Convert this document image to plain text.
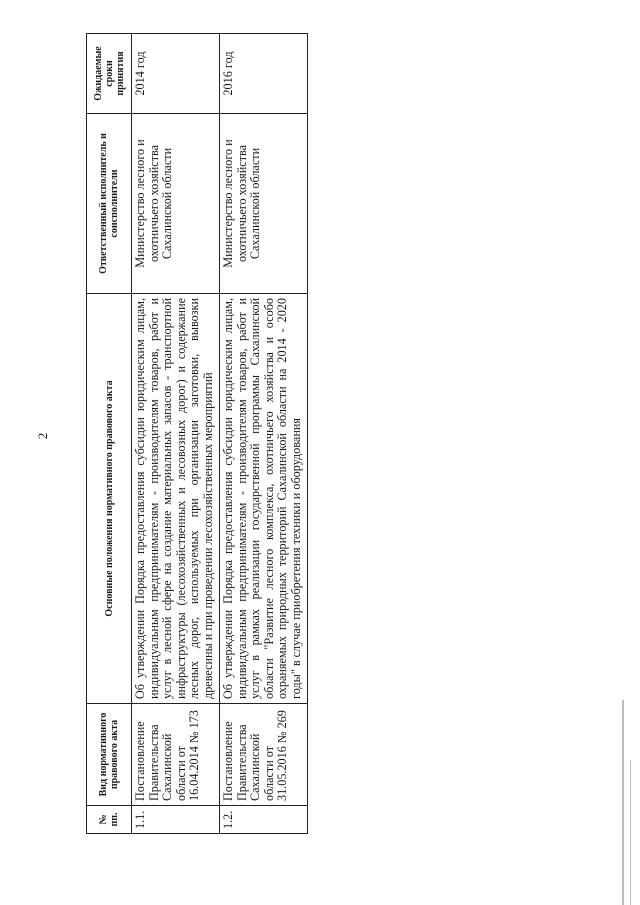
2
№ пп.	Вид нормативного правового акта	Основные положения нормативного правового акта	Ответственный исполнитель и соисполнители	Ожидаемые сроки принятия
1.1.	Постановление Правительства Сахалинской области от 16.04.2014 № 173	Об утверждении Порядка предоставления субсидии юридическим лицам, индивидуальным предпринимателям - производителям товаров, работ и услуг в лесной сфере на создание материальных запасов - транспортной инфраструктуры (лесохозяйственных и лесовозных дорог) и содержание лесных дорог, используемых при организации заготовки, вывозки древесины и при проведении лесохозяйственных мероприятий	Министерство лесного и охотничьего хозяйства Сахалинской области	2014 год
1.2.	Постановление Правительства Сахалинской области от 31.05.2016 № 269	Об утверждении Порядка предоставления субсидии юридическим лицам, индивидуальным предпринимателям - производителям товаров, работ и услуг в рамках реализации государственной программы Сахалинской области "Развитие лесного комплекса, охотничьего хозяйства и особо охраняемых природных территорий Сахалинской области на 2014 - 2020 годы" в случае приобретения техники и оборудования	Министерство лесного и охотничьего хозяйства Сахалинской области	2016 год
